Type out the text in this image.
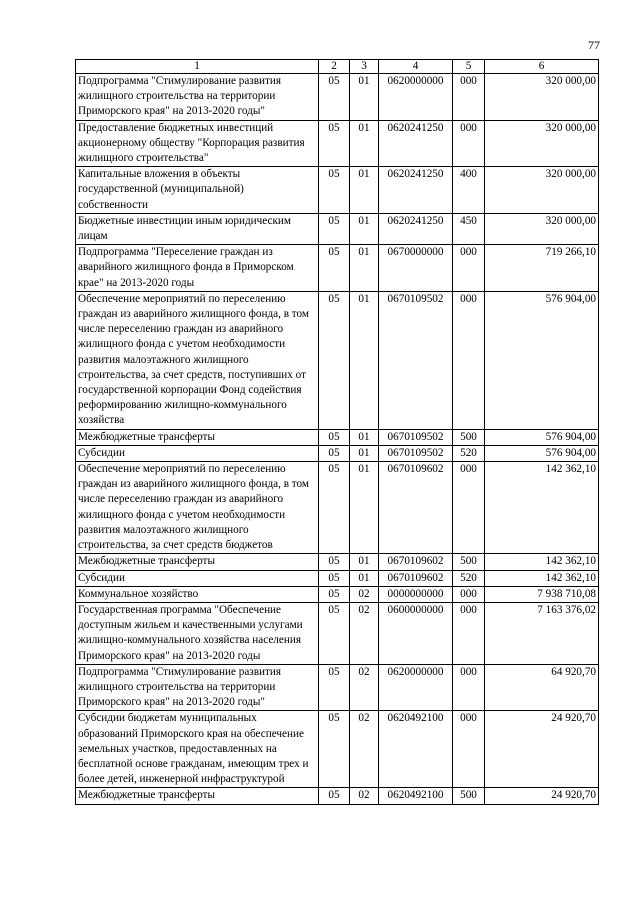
77
1	2	3	4	5	6
Подпрограмма "Стимулирование развития жилищного строительства на территории Приморского края" на 2013-2020 годы"	05	01	0620000000	000	320 000,00
Предоставление бюджетных инвестиций акционерному обществу "Корпорация развития жилищного строительства"	05	01	0620241250	000	320 000,00
Капитальные вложения в объекты государственной (муниципальной) собственности	05	01	0620241250	400	320 000,00
Бюджетные инвестиции иным юридическим лицам	05	01	0620241250	450	320 000,00
Подпрограмма "Переселение граждан из аварийного жилищного фонда в Приморском крае" на 2013-2020 годы	05	01	0670000000	000	719 266,10
Обеспечение мероприятий по переселению граждан из аварийного жилищного фонда, в том числе переселению граждан из аварийного жилищного фонда с учетом необходимости развития малоэтажного жилищного строительства, за счет средств, поступивших от государственной корпорации Фонд содействия реформированию жилищно-коммунального хозяйства	05	01	0670109502	000	576 904,00
Межбюджетные трансферты	05	01	0670109502	500	576 904,00
Субсидии	05	01	0670109502	520	576 904,00
Обеспечение мероприятий по переселению граждан из аварийного жилищного фонда, в том числе переселению граждан из аварийного жилищного фонда с учетом необходимости развития малоэтажного жилищного строительства, за счет средств бюджетов	05	01	0670109602	000	142 362,10
Межбюджетные трансферты	05	01	0670109602	500	142 362,10
Субсидии	05	01	0670109602	520	142 362,10
Коммунальное хозяйство	05	02	0000000000	000	7 938 710,08
Государственная программа "Обеспечение доступным жильем и качественными услугами жилищно-коммунального хозяйства населения Приморского края" на 2013-2020 годы	05	02	0600000000	000	7 163 376,02
Подпрограмма "Стимулирование развития жилищного строительства на территории Приморского края" на 2013-2020 годы"	05	02	0620000000	000	64 920,70
Субсидии бюджетам муниципальных образований Приморского края на обеспечение земельных участков, предоставленных на бесплатной основе гражданам, имеющим трех и более детей, инженерной инфраструктурой	05	02	0620492100	000	24 920,70
Межбюджетные трансферты	05	02	0620492100	500	24 920,70
